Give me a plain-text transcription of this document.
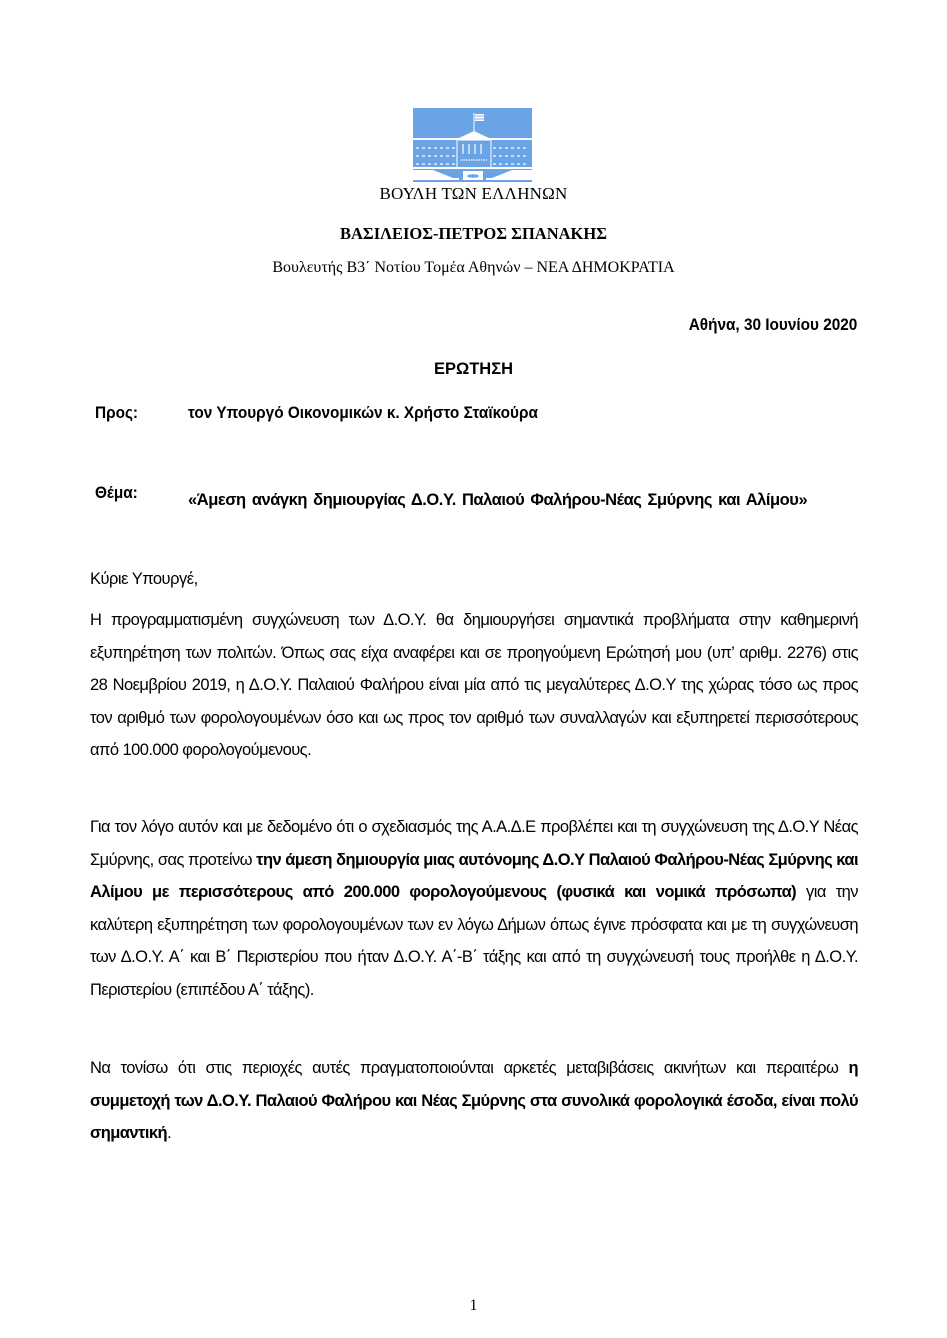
ΒΟΥΛΗ ΤΩΝ ΕΛΛΗΝΩΝ
ΒΑΣΙΛΕΙΟΣ-ΠΕΤΡΟΣ ΣΠΑΝΑΚΗΣ
Βουλευτής Β3΄ Νοτίου Τομέα Αθηνών – ΝΕΑ ΔΗΜΟΚΡΑΤΙΑ
Αθήνα, 30 Ιουνίου 2020
ΕΡΩΤΗΣΗ
Προς:	τον Υπουργό Οικονομικών κ. Χρήστο Σταϊκούρα
Θέμα:	«Άμεση ανάγκη δημιουργίας Δ.Ο.Υ. Παλαιού Φαλήρου-Νέας Σμύρνης και Αλίμου»
Κύριε Υπουργέ,
Η προγραμματισμένη συγχώνευση των Δ.Ο.Υ. θα δημιουργήσει σημαντικά προβλήματα στην καθημερινή εξυπηρέτηση των πολιτών. Όπως σας είχα αναφέρει και σε προηγούμενη Ερώτησή μου (υπ’ αριθμ. 2276) στις 28 Νοεμβρίου 2019, η Δ.Ο.Υ. Παλαιού Φαλήρου είναι μία από τις μεγαλύτερες Δ.Ο.Υ της χώρας τόσο ως προς τον αριθμό των φορολογουμένων όσο και ως προς τον αριθμό των συναλλαγών και εξυπηρετεί περισσότερους από 100.000 φορολογούμενους.
Για τον λόγο αυτόν και με δεδομένο ότι ο σχεδιασμός της Α.Α.Δ.Ε προβλέπει και τη συγχώνευση της Δ.Ο.Υ Νέας Σμύρνης, σας προτείνω την άμεση δημιουργία μιας αυτόνομης Δ.Ο.Υ Παλαιού Φαλήρου-Νέας Σμύρνης και Αλίμου με περισσότερους από 200.000 φορολογούμενους (φυσικά και νομικά πρόσωπα) για την καλύτερη εξυπηρέτηση των φορολογουμένων των εν λόγω Δήμων όπως έγινε πρόσφατα και με τη συγχώνευση των Δ.Ο.Υ. Α΄ και Β΄ Περιστερίου που ήταν Δ.Ο.Υ. Α΄-Β΄ τάξης και από τη συγχώνευσή τους προήλθε η Δ.Ο.Υ. Περιστερίου (επιπέδου Α΄ τάξης).
Να τονίσω ότι στις περιοχές αυτές πραγματοποιούνται αρκετές μεταβιβάσεις ακινήτων και περαιτέρω η συμμετοχή των Δ.Ο.Υ. Παλαιού Φαλήρου και Νέας Σμύρνης στα συνολικά φορολογικά έσοδα, είναι πολύ σημαντική.
1
